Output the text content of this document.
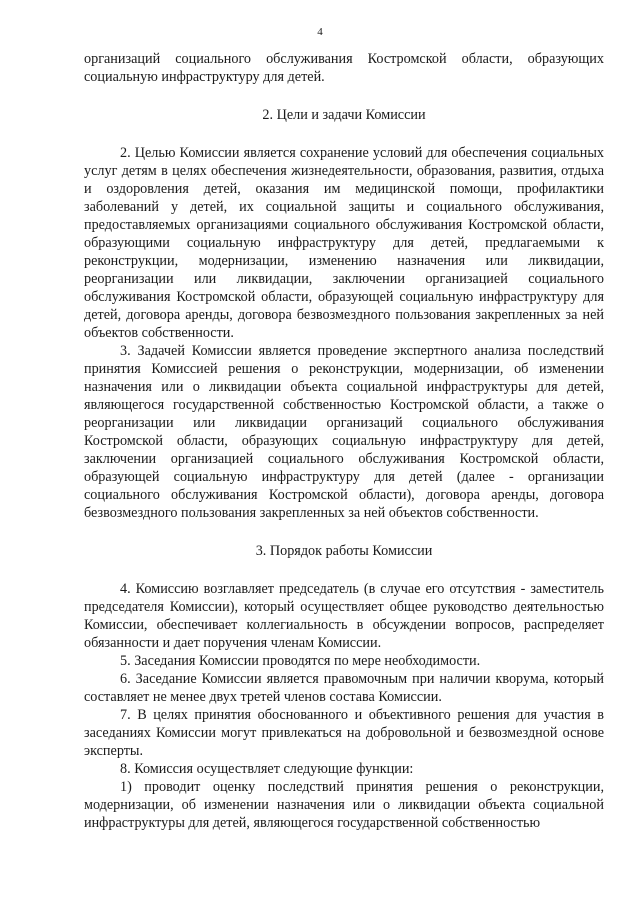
4

организаций социального обслуживания Костромской области, образующих социальную инфраструктуру для детей.

2. Цели и задачи Комиссии

2. Целью Комиссии является сохранение условий для обеспечения социальных услуг детям в целях обеспечения жизнедеятельности, образования, развития, отдыха и оздоровления детей, оказания им медицинской помощи, профилактики заболеваний у детей, их социальной защиты и социального обслуживания, предоставляемых организациями социального обслуживания Костромской области, образующими социальную инфраструктуру для детей, предлагаемыми к реконструкции, модернизации, изменению назначения или ликвидации, реорганизации или ликвидации, заключении организацией социального обслуживания Костромской области, образующей социальную инфраструктуру для детей, договора аренды, договора безвозмездного пользования закрепленных за ней объектов собственности.

3. Задачей Комиссии является проведение экспертного анализа последствий принятия Комиссией решения о реконструкции, модернизации, об изменении назначения или о ликвидации объекта социальной инфраструктуры для детей, являющегося государственной собственностью Костромской области, а также о реорганизации или ликвидации организаций социального обслуживания Костромской области, образующих социальную инфраструктуру для детей, заключении организацией социального обслуживания Костромской области, образующей социальную инфраструктуру для детей (далее - организации социального обслуживания Костромской области), договора аренды, договора безвозмездного пользования закрепленных за ней объектов собственности.

3. Порядок работы Комиссии

4. Комиссию возглавляет председатель (в случае его отсутствия - заместитель председателя Комиссии), который осуществляет общее руководство деятельностью Комиссии, обеспечивает коллегиальность в обсуждении вопросов, распределяет обязанности и дает поручения членам Комиссии.

5. Заседания Комиссии проводятся по мере необходимости.

6. Заседание Комиссии является правомочным при наличии кворума, который составляет не менее двух третей членов состава Комиссии.

7. В целях принятия обоснованного и объективного решения для участия в заседаниях Комиссии могут привлекаться на добровольной и безвозмездной основе эксперты.

8. Комиссия осуществляет следующие функции:

1) проводит оценку последствий принятия решения о реконструкции, модернизации, об изменении назначения или о ликвидации объекта социальной инфраструктуры для детей, являющегося государственной собственностью
